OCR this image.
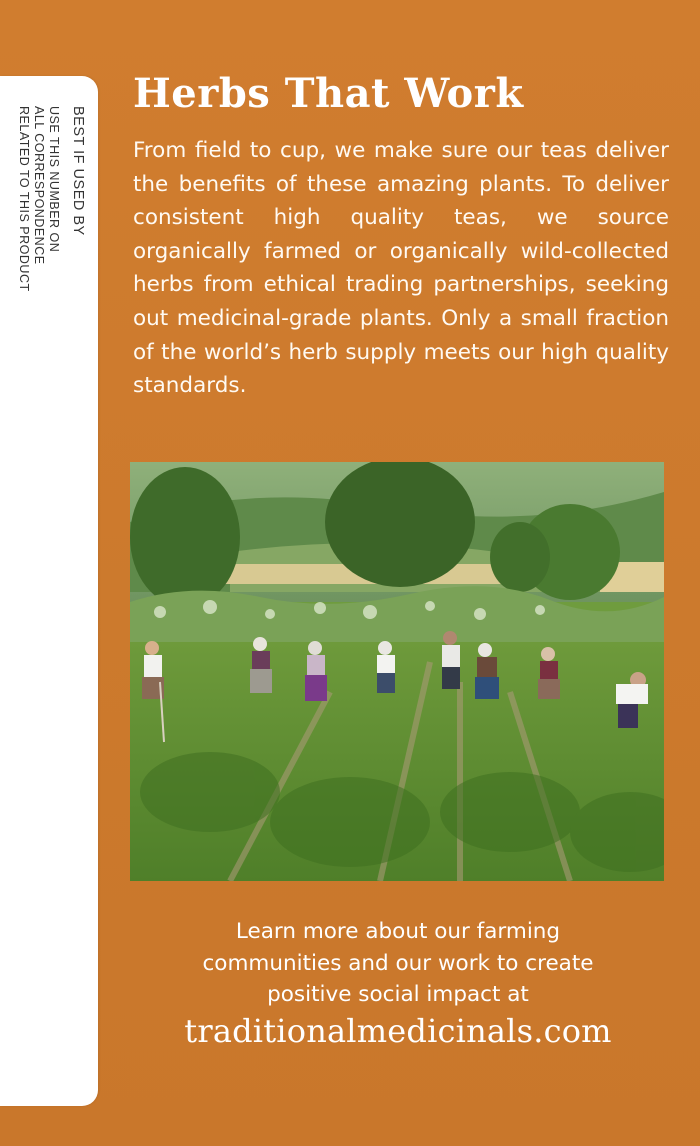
BEST IF USED BY
USE THIS NUMBER ON
ALL CORRESPONDENCE
RELATED TO THIS PRODUCT
Herbs That Work

From field to cup, we make sure our teas deliver the benefits of these amazing plants. To deliver consistent high quality teas, we source organically farmed or organically wild-collected herbs from ethical trading partnerships, seeking out medicinal-grade plants. Only a small fraction of the world’s herb supply meets our high quality standards.

Learn more about our farming
communities and our work to create
positive social impact at
traditionalmedicinals.com
